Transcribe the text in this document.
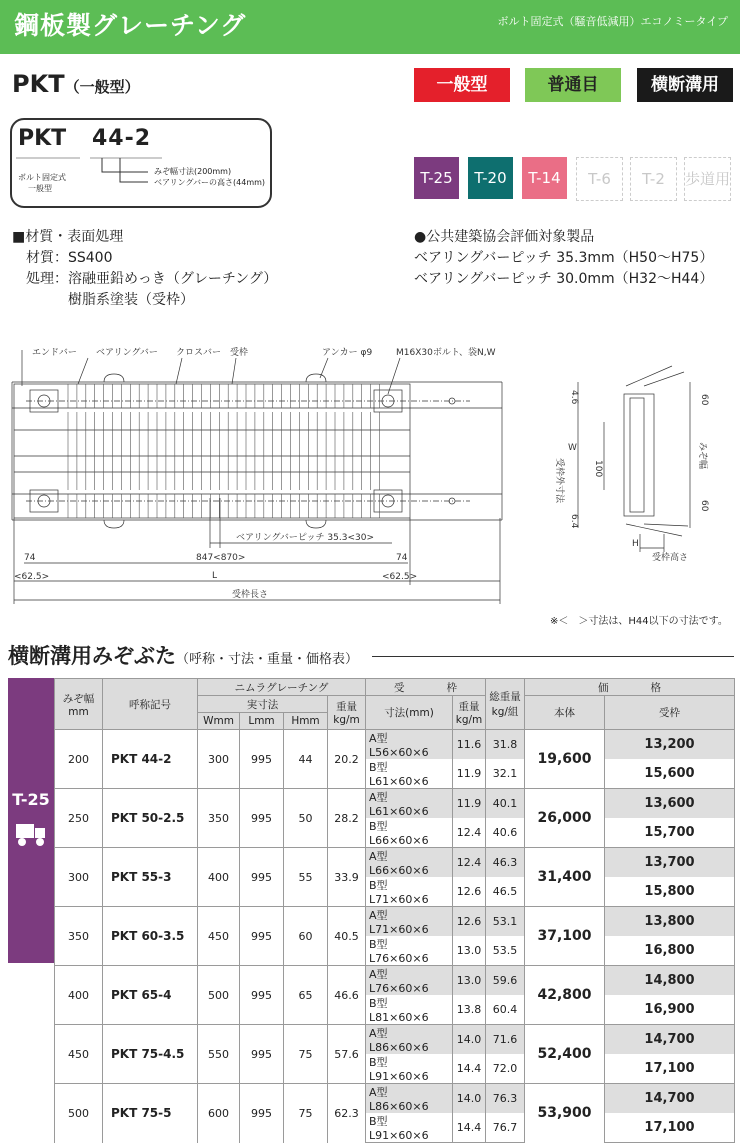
鋼板製グレーチング	ボルト固定式（騒音低減用）エコノミータイプ
PKT（一般型）	一般型	普通目	横断溝用
PKT 44-2
ボルト固定式
一般型
みぞ幅寸法(200mm)
ベアリングバーの高さ(44mm)	T-25	T-20	T-14	T-6	T-2	歩道用
■材質・表面処理
材質：SS400
処理：溶融亜鉛めっき（グレーチング）
樹脂系塗装（受枠）
●公共建築協会評価対象製品
ベアリングバーピッチ 35.3mm（H50〜H75）
ベアリングバーピッチ 30.0mm（H32〜H44）
エンドバー ベアリングバー クロスバー 受枠	アンカー φ9	M16X30ボルト、袋N,W
74
<62.5>
847<870>
ベアリングバーピッチ 35.3<30>
74
<62.5>
L
受枠長さ
受枠外寸法
W	みぞ幅
4.6
6.4
60
60
100
H
受枠高さ
※＜　＞寸法は、H44以下の寸法です。
横断溝用みぞぶた（呼称・寸法・重量・価格表）
T-25
みぞ幅
mm	呼称記号	ニムラグレーチング				受　　　　枠		総重量
kg/組	価　　　　格	
		実寸法			重量
kg/m	寸法(mm)	重量
kg/m		本体	受枠
		Wmm	Lmm	Hmm						
200	PKT 44-2	300	995	44	20.2	A型　L56×60×6	11.6	31.8	19,600	13,200
						B型　L61×60×6	11.9	32.1		15,600
250	PKT 50-2.5	350	995	50	28.2	A型　L61×60×6	11.9	40.1	26,000	13,600
						B型　L66×60×6	12.4	40.6		15,700
300	PKT 55-3	400	995	55	33.9	A型　L66×60×6	12.4	46.3	31,400	13,700
						B型　L71×60×6	12.6	46.5		15,800
350	PKT 60-3.5	450	995	60	40.5	A型　L71×60×6	12.6	53.1	37,100	13,800
						B型　L76×60×6	13.0	53.5		16,800
400	PKT 65-4	500	995	65	46.6	A型　L76×60×6	13.0	59.6	42,800	14,800
						B型　L81×60×6	13.8	60.4		16,900
450	PKT 75-4.5	550	995	75	57.6	A型　L86×60×6	14.0	71.6	52,400	14,700
						B型　L91×60×6	14.4	72.0		17,100
500	PKT 75-5	600	995	75	62.3	A型　L86×60×6	14.0	76.3	53,900	14,700
						B型　L91×60×6	14.4	76.7		17,100
